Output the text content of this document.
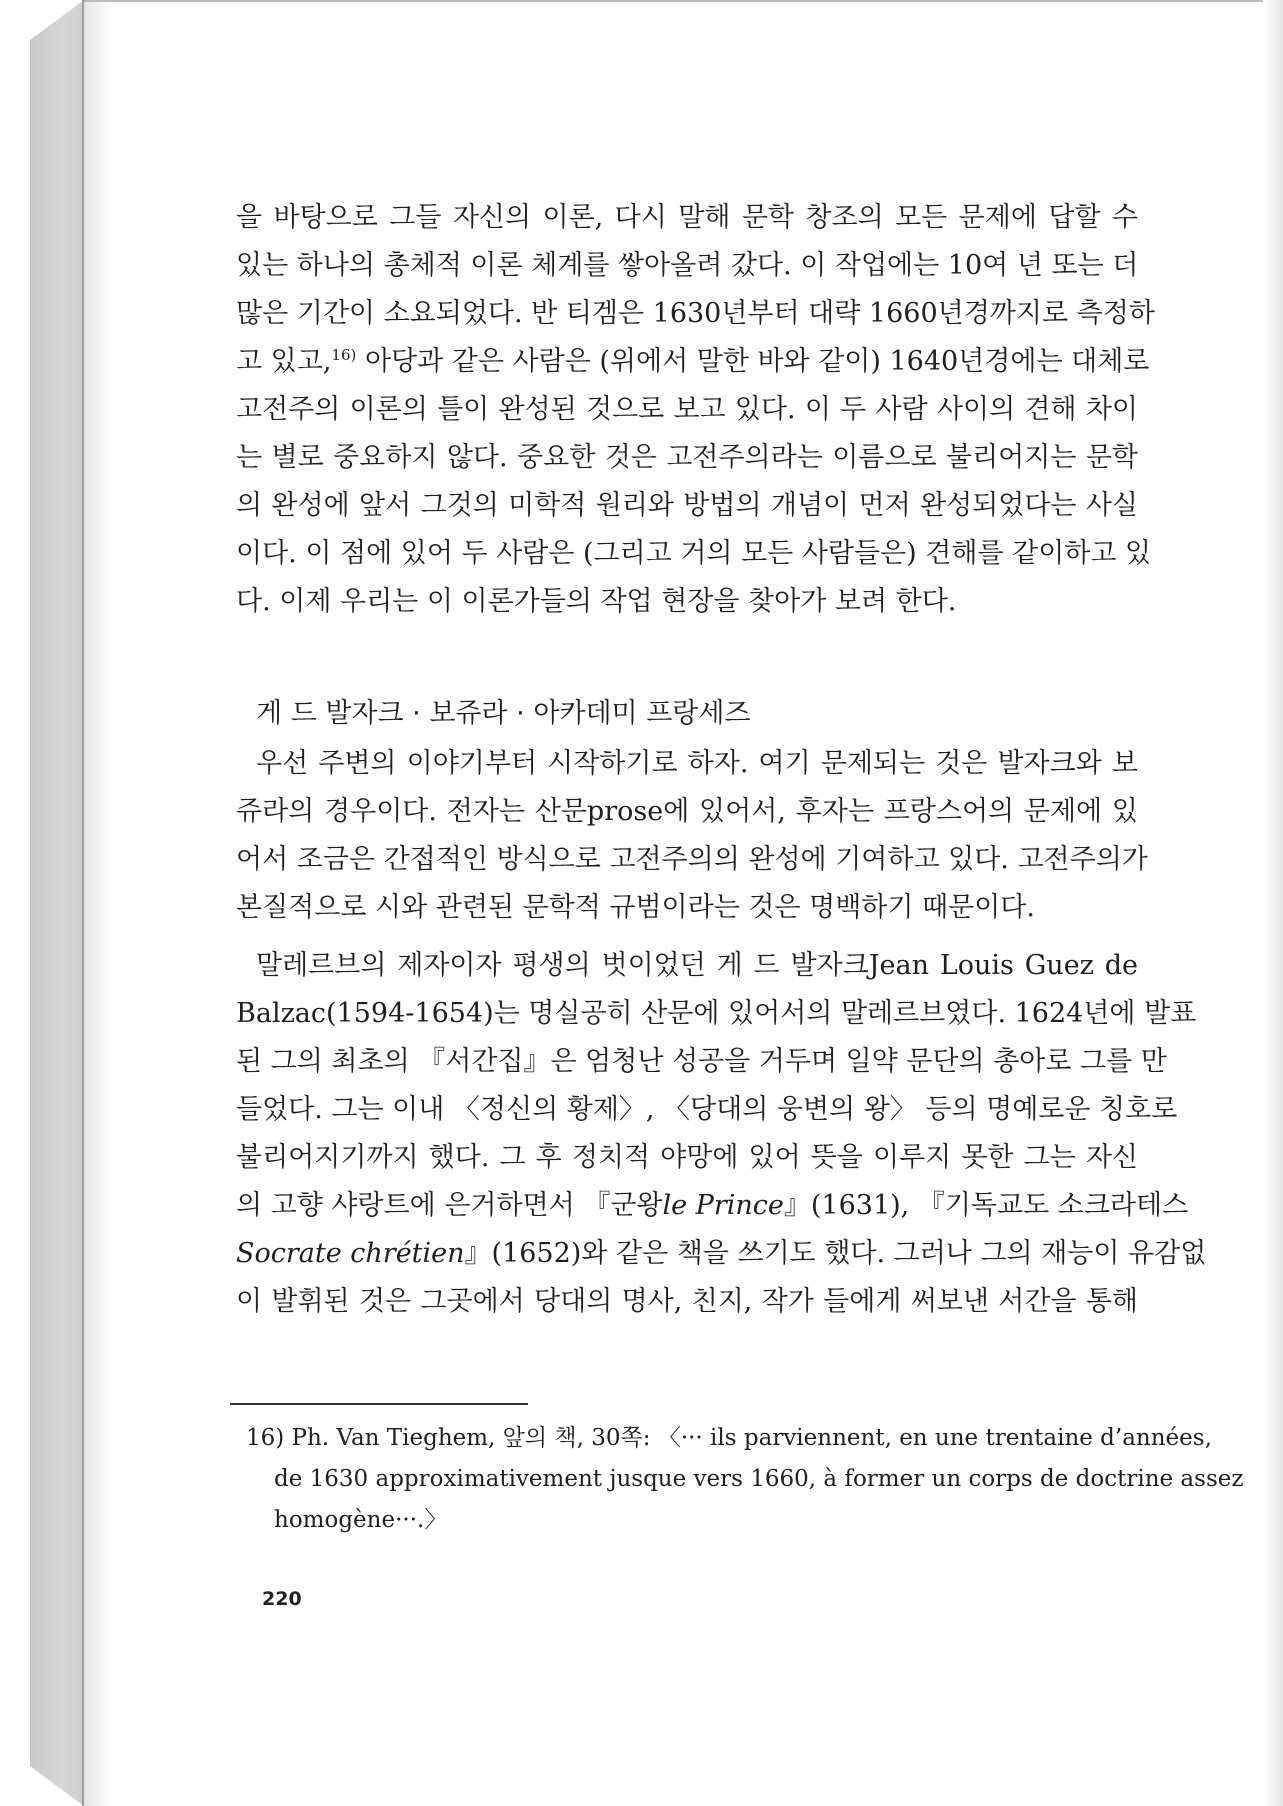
을 바탕으로 그들 자신의 이론, 다시 말해 문학 창조의 모든 문제에 답할 수
있는 하나의 총체적 이론 체계를 쌓아올려 갔다. 이 작업에는 10여 년 또는 더
많은 기간이 소요되었다. 반 티겜은 1630년부터 대략 1660년경까지로 측정하
고 있고,$^{16)}$ 아당과 같은 사람은 (위에서 말한 바와 같이) 1640년경에는 대체로
고전주의 이론의 틀이 완성된 것으로 보고 있다. 이 두 사람 사이의 견해 차이
는 별로 중요하지 않다. 중요한 것은 고전주의라는 이름으로 불리어지는 문학
의 완성에 앞서 그것의 미학적 원리와 방법의 개념이 먼저 완성되었다는 사실
이다. 이 점에 있어 두 사람은 (그리고 거의 모든 사람들은) 견해를 같이하고 있
다. 이제 우리는 이 이론가들의 작업 현장을 찾아가 보려 한다.
게 드 발자크 · 보쥬라 · 아카데미 프랑세즈
우선 주변의 이야기부터 시작하기로 하자. 여기 문제되는 것은 발자크와 보
쥬라의 경우이다. 전자는 산문prose에 있어서, 후자는 프랑스어의 문제에 있
어서 조금은 간접적인 방식으로 고전주의의 완성에 기여하고 있다. 고전주의가
본질적으로 시와 관련된 문학적 규범이라는 것은 명백하기 때문이다.
말레르브의 제자이자 평생의 벗이었던 게 드 발자크Jean Louis Guez de
Balzac(1594-1654)는 명실공히 산문에 있어서의 말레르브였다. 1624년에 발표
된 그의 최초의 『서간집』은 엄청난 성공을 거두며 일약 문단의 총아로 그를 만
들었다. 그는 이내 〈정신의 황제〉, 〈당대의 웅변의 왕〉 등의 명예로운 칭호로
불리어지기까지 했다. 그 후 정치적 야망에 있어 뜻을 이루지 못한 그는 자신
의 고향 샤랑트에 은거하면서 『군왕le Prince』(1631), 『기독교도 소크라테스
Socrate chrétien』(1652)와 같은 책을 쓰기도 했다. 그러나 그의 재능이 유감없
이 발휘된 것은 그곳에서 당대의 명사, 친지, 작가 들에게 써보낸 서간을 통해
16) Ph. Van Tieghem, 앞의 책, 30쪽: 〈··· ils parviennent, en une trentaine d’années,
de 1630 approximativement jusque vers 1660, à former un corps de doctrine assez
homogène···.〉
220
